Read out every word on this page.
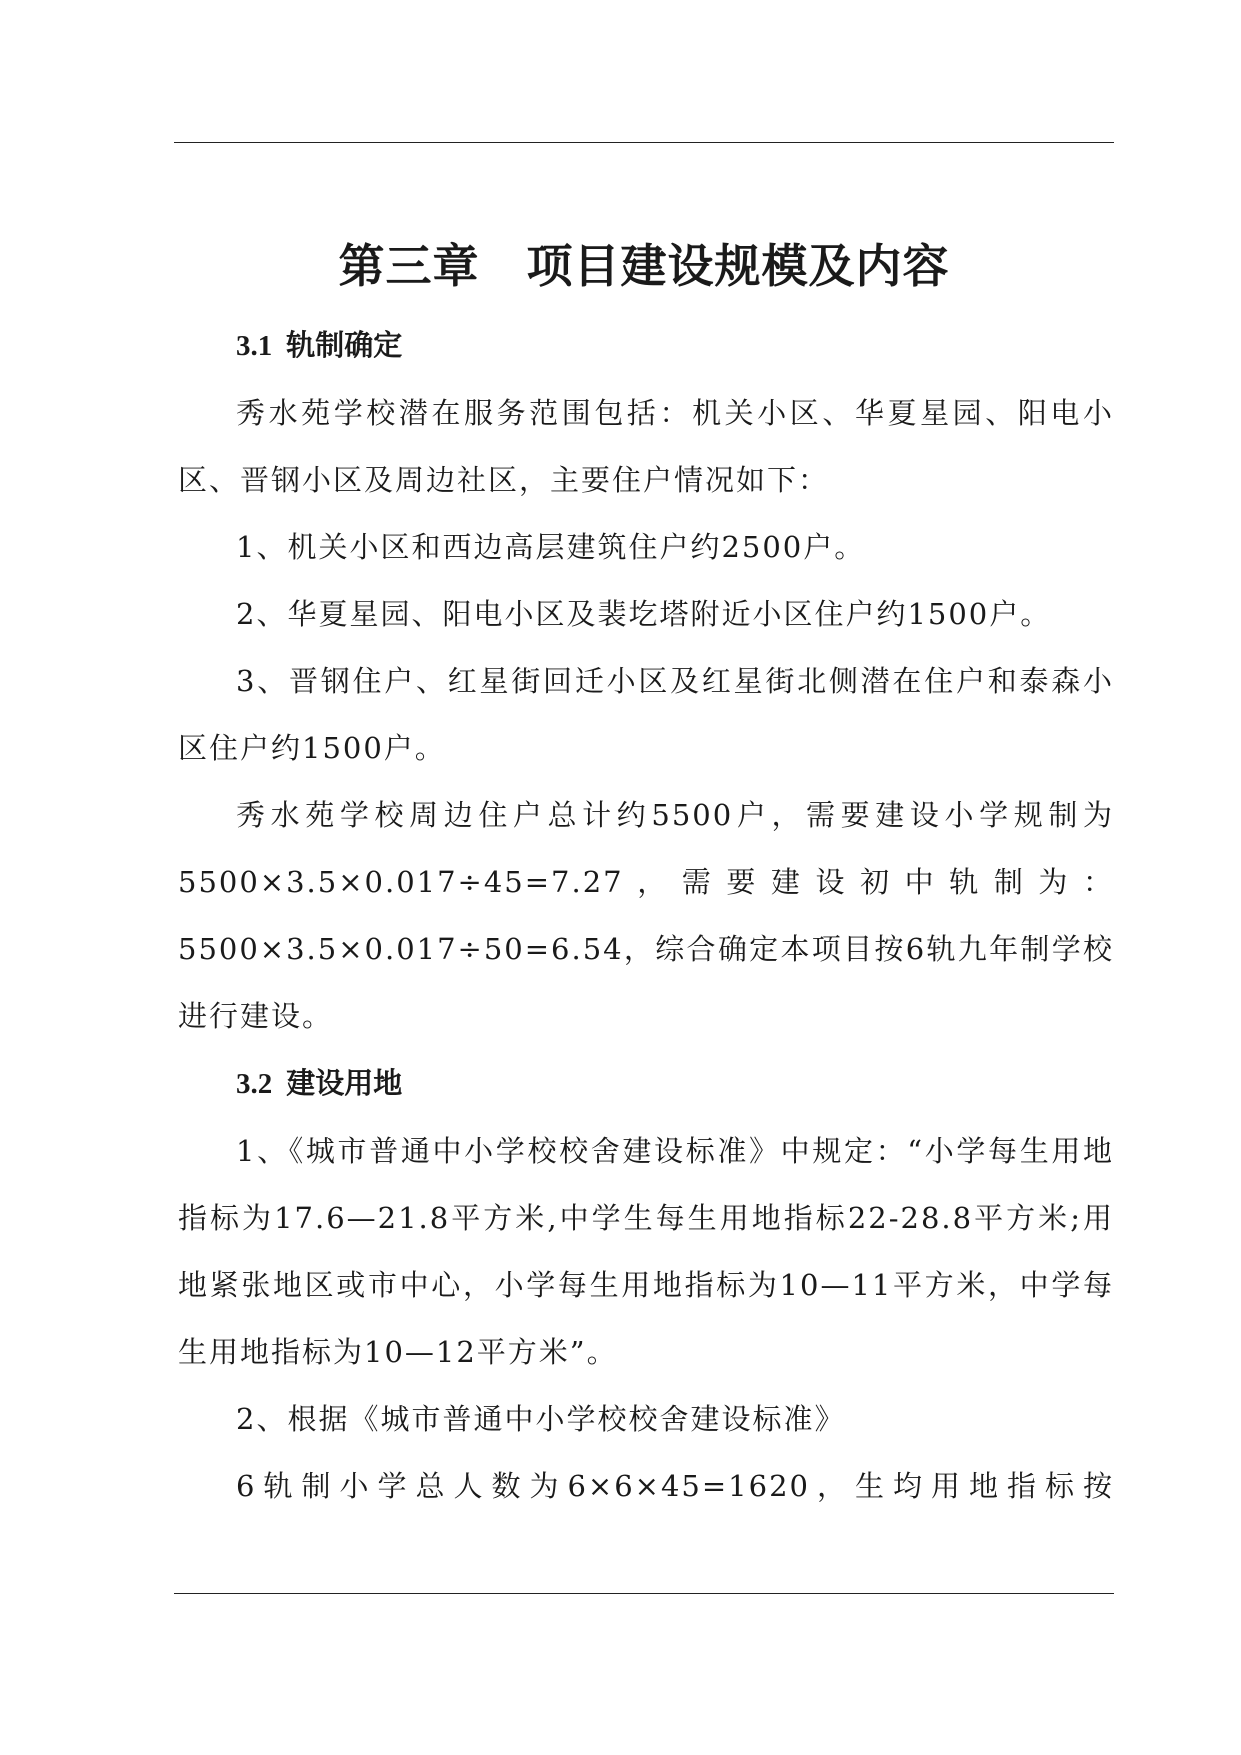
第三章　项目建设规模及内容
3.1 轨制确定

秀水苑学校潜在服务范围包括：机关小区、华夏星园、阳电小区、晋钢小区及周边社区，主要住户情况如下：

1、机关小区和西边高层建筑住户约2500户。

2、华夏星园、阳电小区及裴圪塔附近小区住户约1500户。

3、晋钢住户、红星街回迁小区及红星街北侧潜在住户和泰森小区住户约1500户。

秀水苑学校周边住户总计约5500户，需要建设小学规制为5500×3.5×0.017÷45=7.27，需要建设初中轨制为：5500×3.5×0.017÷50=6.54，综合确定本项目按6轨九年制学校进行建设。

3.2 建设用地

1、《城市普通中小学校校舍建设标准》中规定：“小学每生用地指标为17.6—21.8平方米,中学生每生用地指标22-28.8平方米;用地紧张地区或市中心，小学每生用地指标为10—11平方米，中学每生用地指标为10—12平方米”。

2、根据《城市普通中小学校校舍建设标准》

6轨制小学总人数为6×6×45=1620，生均用地指标按
